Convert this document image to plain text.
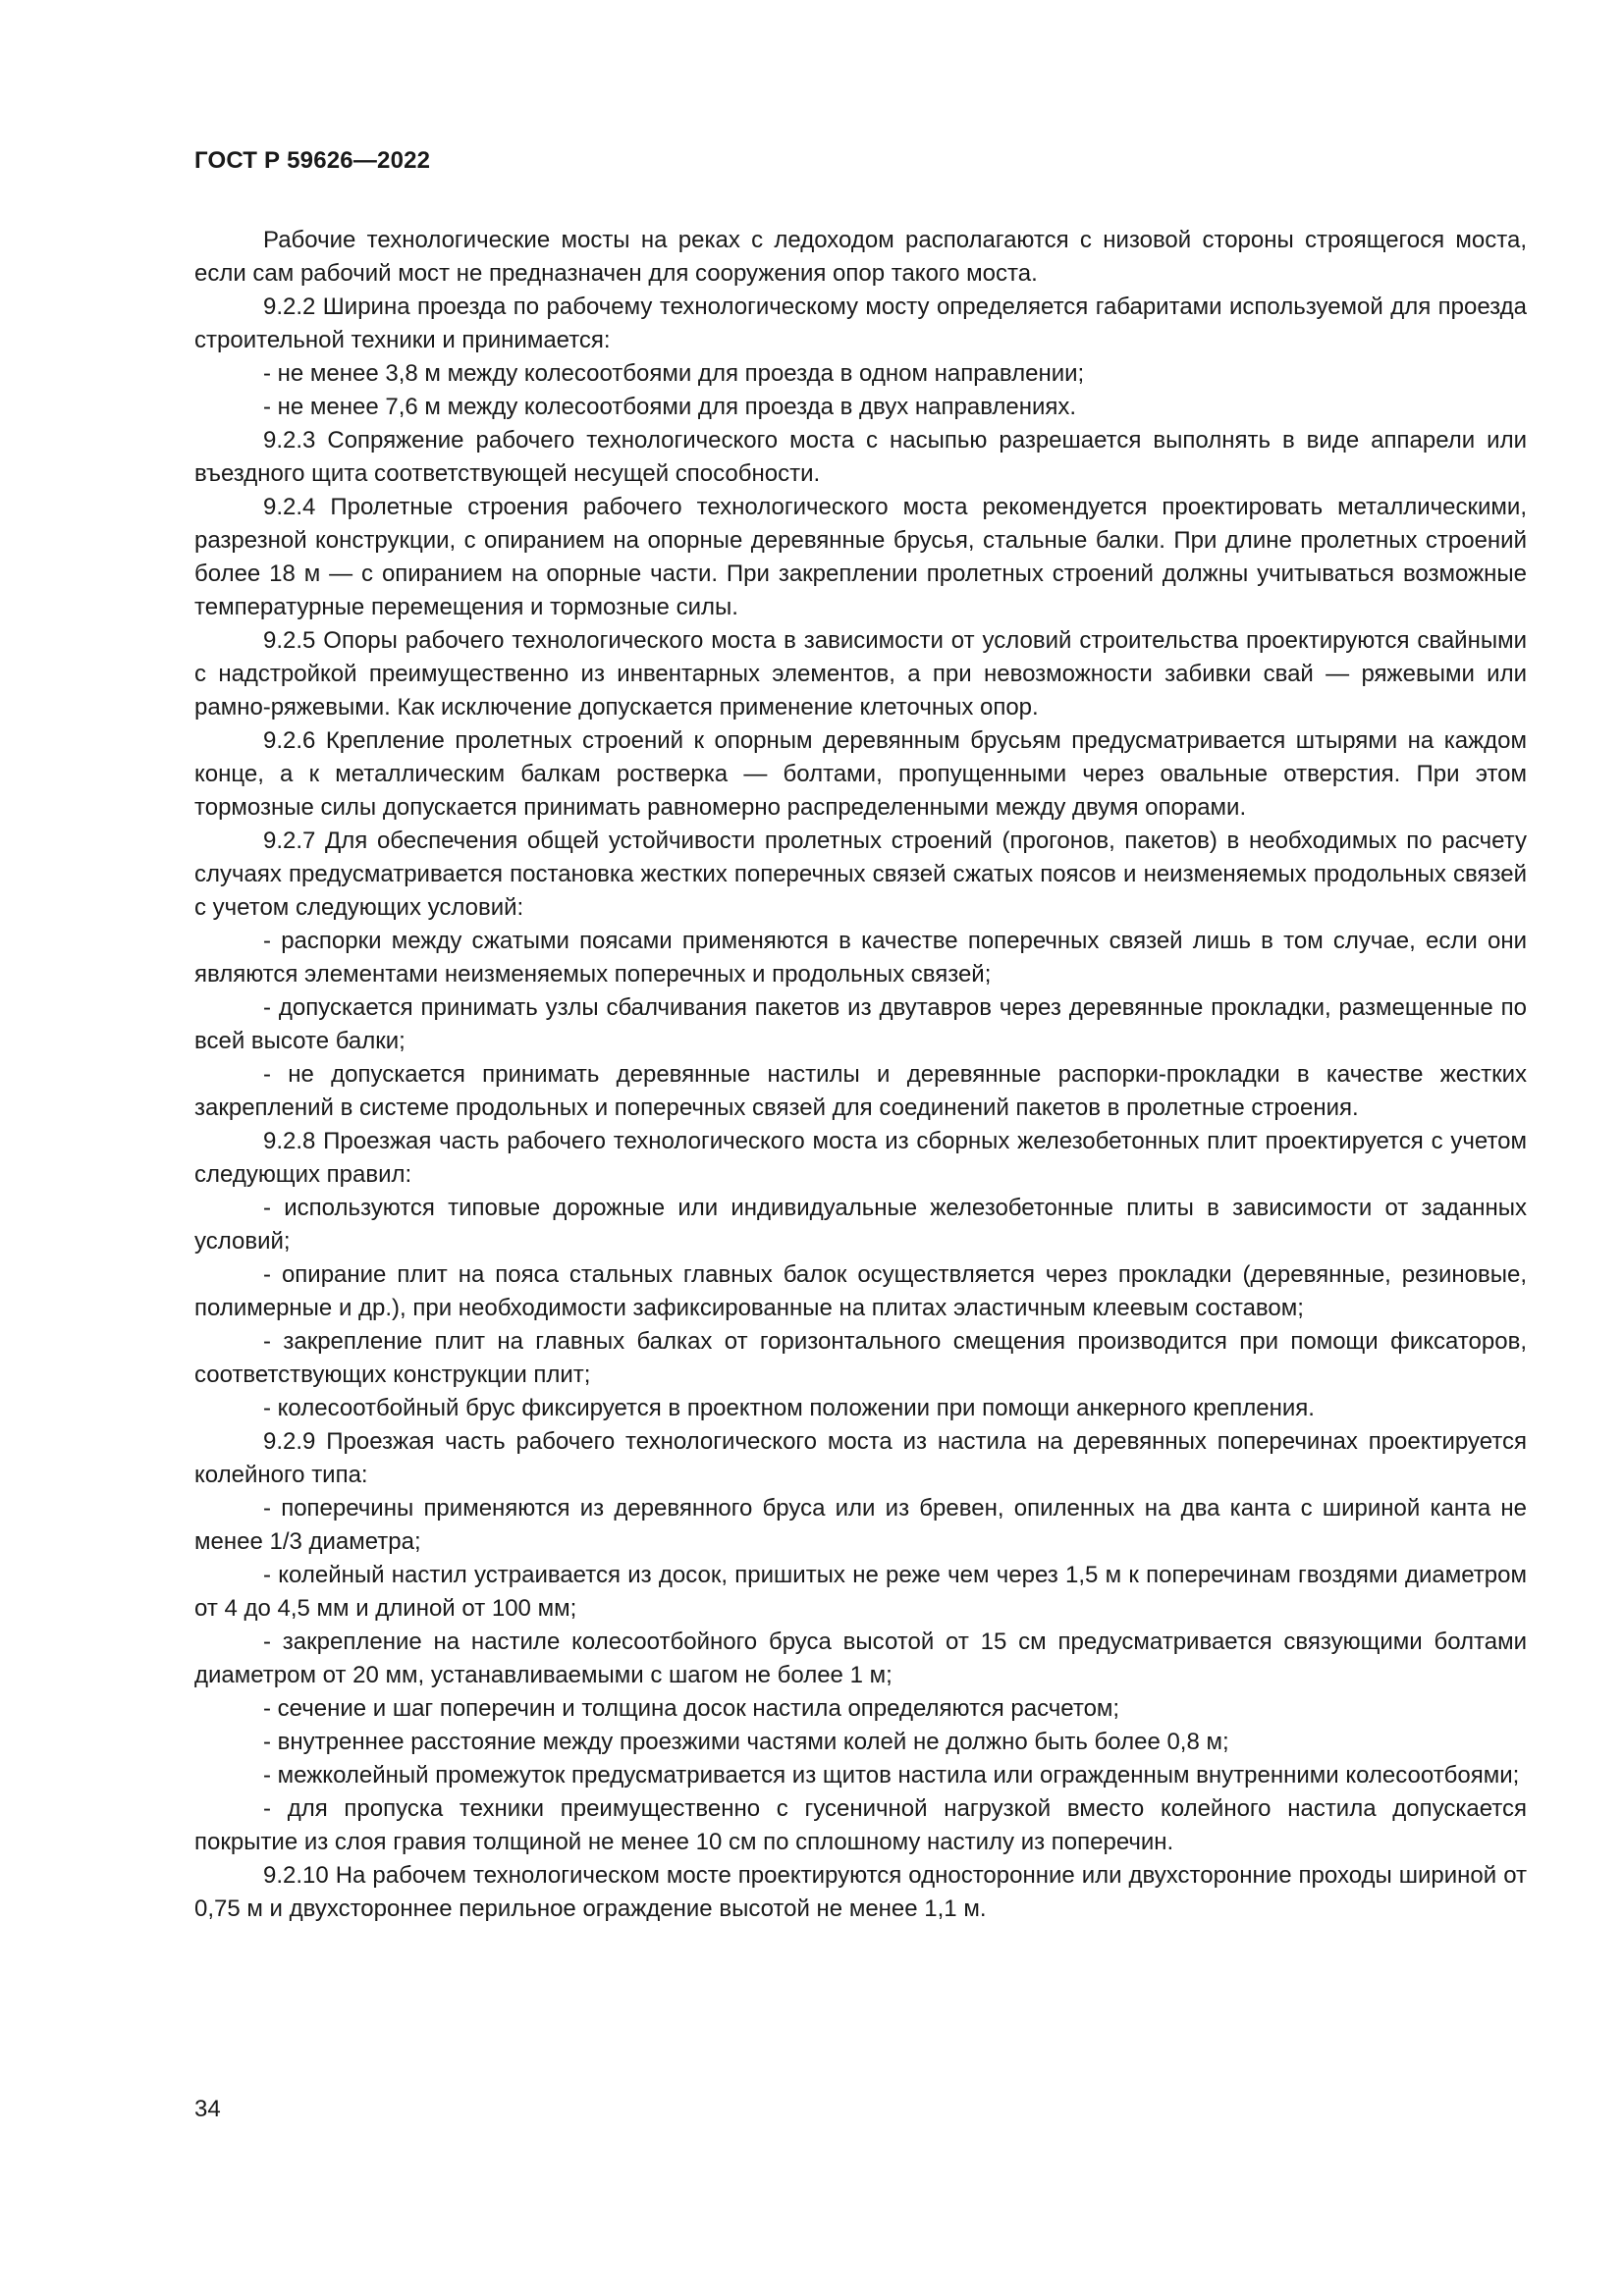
ГОСТ Р 59626—2022

Рабочие технологические мосты на реках с ледоходом располагаются с низовой стороны строящегося моста, если сам рабочий мост не предназначен для сооружения опор такого моста.

9.2.2 Ширина проезда по рабочему технологическому мосту определяется габаритами используемой для проезда строительной техники и принимается:

- не менее 3,8 м между колесоотбоями для проезда в одном направлении;

- не менее 7,6 м между колесоотбоями для проезда в двух направлениях.

9.2.3 Сопряжение рабочего технологического моста с насыпью разрешается выполнять в виде аппарели или въездного щита соответствующей несущей способности.

9.2.4 Пролетные строения рабочего технологического моста рекомендуется проектировать металлическими, разрезной конструкции, с опиранием на опорные деревянные брусья, стальные балки. При длине пролетных строений более 18 м — с опиранием на опорные части. При закреплении пролетных строений должны учитываться возможные температурные перемещения и тормозные силы.

9.2.5 Опоры рабочего технологического моста в зависимости от условий строительства проектируются свайными с надстройкой преимущественно из инвентарных элементов, а при невозможности забивки свай — ряжевыми или рамно-ряжевыми. Как исключение допускается применение клеточных опор.

9.2.6 Крепление пролетных строений к опорным деревянным брусьям предусматривается штырями на каждом конце, а к металлическим балкам ростверка — болтами, пропущенными через овальные отверстия. При этом тормозные силы допускается принимать равномерно распределенными между двумя опорами.

9.2.7 Для обеспечения общей устойчивости пролетных строений (прогонов, пакетов) в необходимых по расчету случаях предусматривается постановка жестких поперечных связей сжатых поясов и неизменяемых продольных связей с учетом следующих условий:

- распорки между сжатыми поясами применяются в качестве поперечных связей лишь в том случае, если они являются элементами неизменяемых поперечных и продольных связей;

- допускается принимать узлы сбалчивания пакетов из двутавров через деревянные прокладки, размещенные по всей высоте балки;

- не допускается принимать деревянные настилы и деревянные распорки-прокладки в качестве жестких закреплений в системе продольных и поперечных связей для соединений пакетов в пролетные строения.

9.2.8 Проезжая часть рабочего технологического моста из сборных железобетонных плит проектируется с учетом следующих правил:

- используются типовые дорожные или индивидуальные железобетонные плиты в зависимости от заданных условий;

- опирание плит на пояса стальных главных балок осуществляется через прокладки (деревянные, резиновые, полимерные и др.), при необходимости зафиксированные на плитах эластичным клеевым составом;

- закрепление плит на главных балках от горизонтального смещения производится при помощи фиксаторов, соответствующих конструкции плит;

- колесоотбойный брус фиксируется в проектном положении при помощи анкерного крепления.

9.2.9 Проезжая часть рабочего технологического моста из настила на деревянных поперечинах проектируется колейного типа:

- поперечины применяются из деревянного бруса или из бревен, опиленных на два канта с шириной канта не менее 1/3 диаметра;

- колейный настил устраивается из досок, пришитых не реже чем через 1,5 м к поперечинам гвоздями диаметром от 4 до 4,5 мм и длиной от 100 мм;

- закрепление на настиле колесоотбойного бруса высотой от 15 см предусматривается связующими болтами диаметром от 20 мм, устанавливаемыми с шагом не более 1 м;

- сечение и шаг поперечин и толщина досок настила определяются расчетом;

- внутреннее расстояние между проезжими частями колей не должно быть более 0,8 м;

- межколейный промежуток предусматривается из щитов настила или огражденным внутренними колесоотбоями;

- для пропуска техники преимущественно с гусеничной нагрузкой вместо колейного настила допускается покрытие из слоя гравия толщиной не менее 10 см по сплошному настилу из поперечин.

9.2.10 На рабочем технологическом мосте проектируются односторонние или двухсторонние проходы шириной от 0,75 м и двухстороннее перильное ограждение высотой не менее 1,1 м.

34
